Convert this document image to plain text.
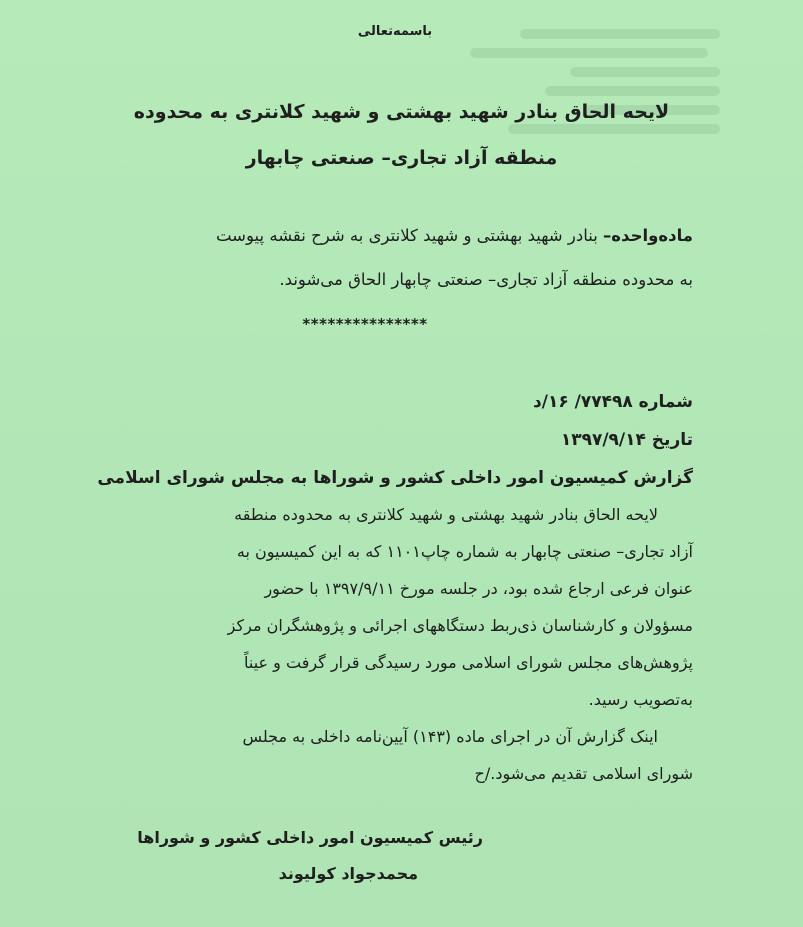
باسمه‌تعالی
لایحه الحاق بنادر شهید بهشتی و شهید کلانتری به محدوده
منطقه آزاد تجاری– صنعتی چابهار
ماده‌واحده– بنادر شهید بهشتی و شهید کلانتری به شرح نقشه پیوست
به محدوده منطقه آزاد تجاری– صنعتی چابهار الحاق می‌شوند.
***************
شماره ۷۷۴۹۸/ ۱۶/د
تاریخ ۱۳۹۷/۹/۱۴
گزارش کمیسیون امور داخلی کشور و شوراها به مجلس شورای اسلامی
لایحه الحاق بنادر شهید بهشتی و شهید کلانتری به محدوده منطقه
آزاد تجاری– صنعتی چابهار به شماره چاپ۱۱۰۱ که به این کمیسیون به
عنوان فرعی ارجاع شده بود، در جلسه مورخ ۱۳۹۷/۹/۱۱ با حضور
مسؤولان و کارشناسان ذی‌ربط دستگاههای اجرائی و پژوهشگران مرکز
پژوهش‌های مجلس شورای اسلامی مورد رسیدگی قرار گرفت و عیناً
به‌تصویب رسید.
اینک گزارش آن در اجرای ماده (۱۴۳) آیین‌نامه داخلی به مجلس
شورای اسلامی تقدیم می‌شود./ح
رئیس کمیسیون امور داخلی کشور و شوراها
محمدجواد کولیوند
